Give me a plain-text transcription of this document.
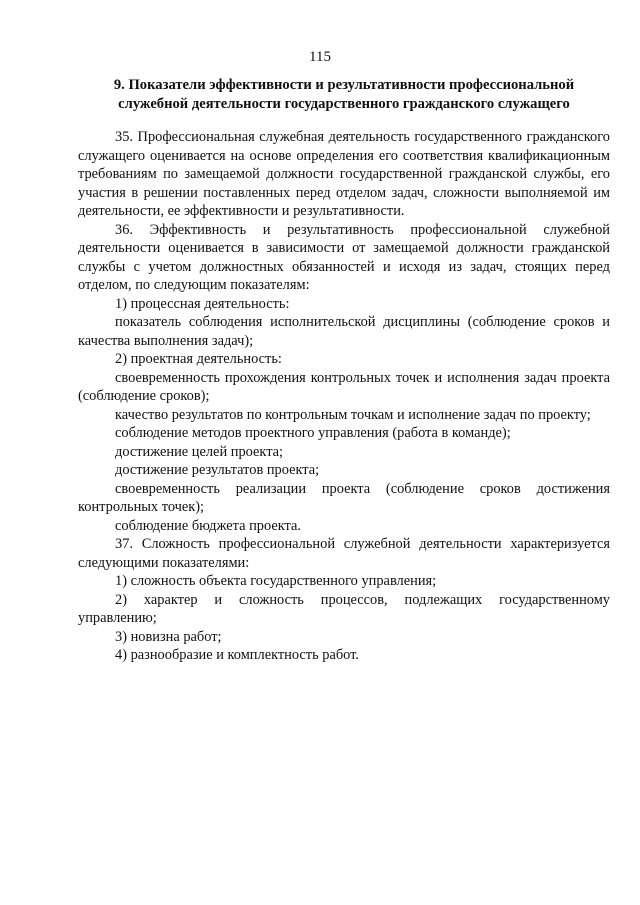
115
9. Показатели эффективности и результативности профессиональной служебной деятельности государственного гражданского служащего

35. Профессиональная служебная деятельность государственного гражданского служащего оценивается на основе определения его соответствия квалификационным требованиям по замещаемой должности государственной гражданской службы, его участия в решении поставленных перед отделом задач, сложности выполняемой им деятельности, ее эффективности и результативности.

36. Эффективность и результативность профессиональной служебной деятельности оценивается в зависимости от замещаемой должности гражданской службы с учетом должностных обязанностей и исходя из задач, стоящих перед отделом, по следующим показателям:

1) процессная деятельность:

показатель соблюдения исполнительской дисциплины (соблюдение сроков и качества выполнения задач);

2) проектная деятельность:

своевременность прохождения контрольных точек и исполнения задач проекта (соблюдение сроков);

качество результатов по контрольным точкам и исполнение задач по проекту;

соблюдение методов проектного управления (работа в команде);

достижение целей проекта;

достижение результатов проекта;

своевременность реализации проекта (соблюдение сроков достижения контрольных точек);

соблюдение бюджета проекта.

37. Сложность профессиональной служебной деятельности характеризуется следующими показателями:

1) сложность объекта государственного управления;

2) характер и сложность процессов, подлежащих государственному управлению;

3) новизна работ;

4) разнообразие и комплектность работ.
